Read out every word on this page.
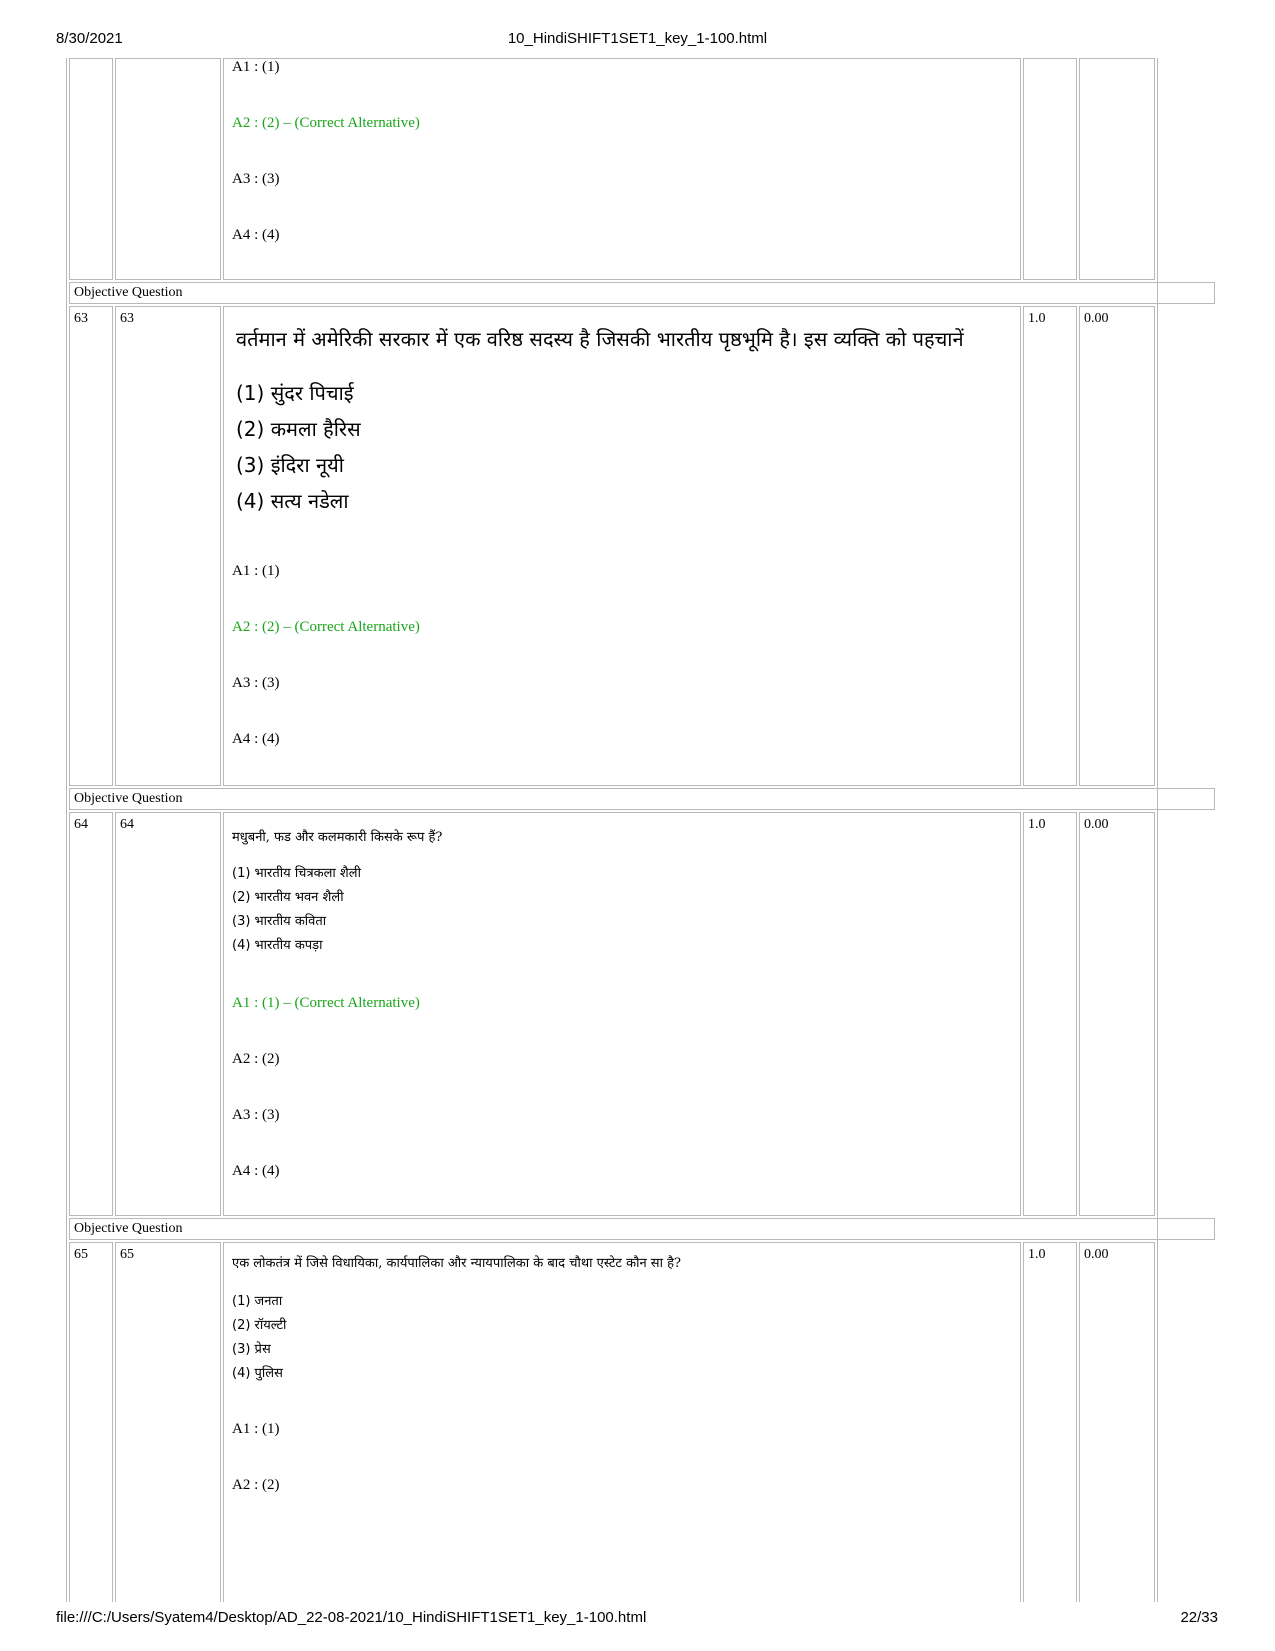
8/30/2021	10_HindiSHIFT1SET1_key_1-100.html
A1 : (1)
A2 : (2) – (Correct Alternative)
A3 : (3)
A4 : (4)
Objective Question
63 63
वर्तमान में अमेरिकी सरकार में एक वरिष्ठ सदस्य है जिसकी भारतीय पृष्ठभूमि है। इस व्यक्ति को पहचानें
(1) सुंदर पिचाई
(2) कमला हैरिस
(3) इंदिरा नूयी
(4) सत्य नडेला
A1 : (1)
A2 : (2) – (Correct Alternative)
A3 : (3)
A4 : (4)
1.0	0.00
Objective Question
64 64
मधुबनी, फड और कलमकारी किसके रूप हैं?
(1) भारतीय चित्रकला शैली
(2) भारतीय भवन शैली
(3) भारतीय कविता
(4) भारतीय कपड़ा
A1 : (1) – (Correct Alternative)
A2 : (2)
A3 : (3)
A4 : (4)
1.0	0.00
Objective Question
65 65
एक लोकतंत्र में जिसे विधायिका, कार्यपालिका और न्यायपालिका के बाद चौथा एस्टेट कौन सा है?
(1) जनता
(2) रॉयल्टी
(3) प्रेस
(4) पुलिस
A1 : (1)
A2 : (2)
1.0	0.00
file:///C:/Users/Syatem4/Desktop/AD_22-08-2021/10_HindiSHIFT1SET1_key_1-100.html	22/33
